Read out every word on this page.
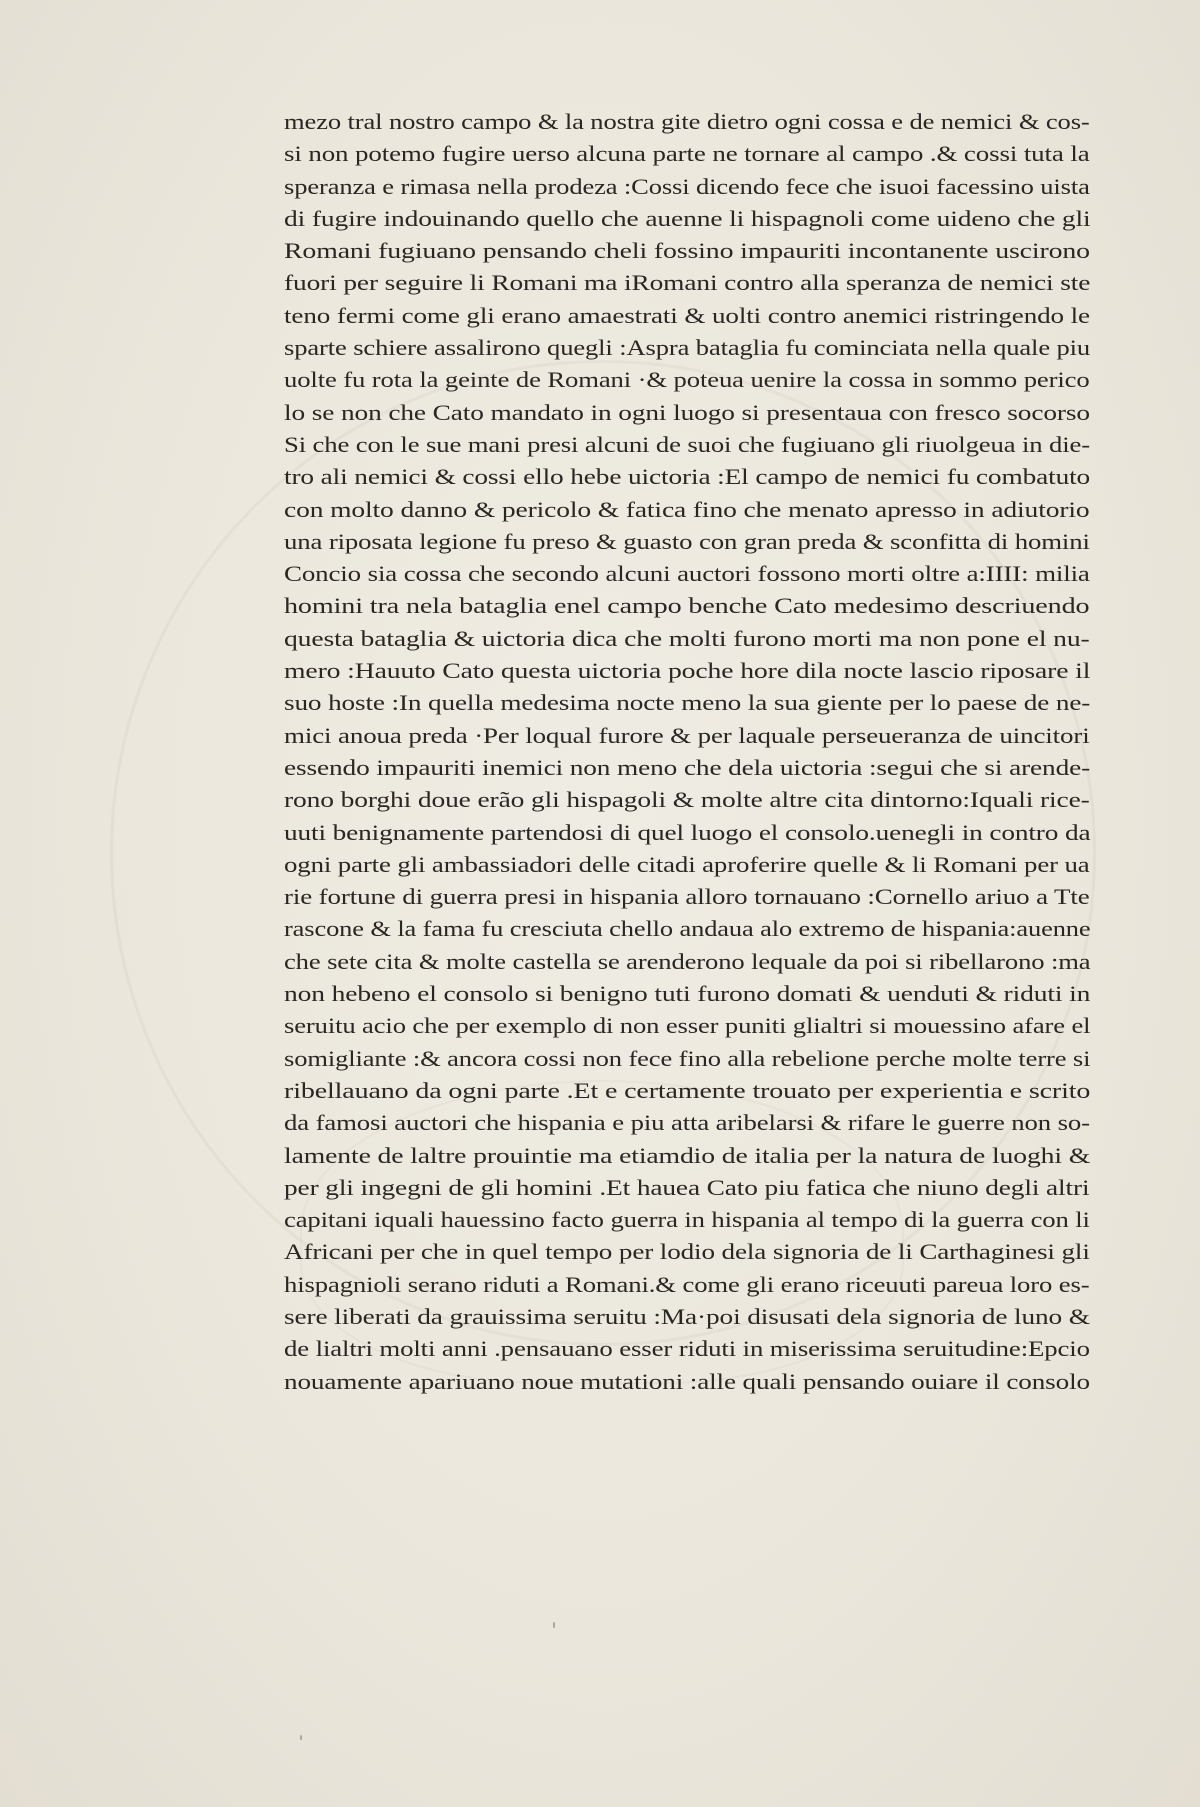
mezo tral nostro campo & la nostra gite dietro ogni cossa e de nemici & cos-
si non potemo fugire uerso alcuna parte ne tornare al campo .& cossi tuta la
speranza e rimasa nella prodeza :Cossi dicendo fece che isuoi facessino uista
di fugire indouinando quello che auenne li hispagnoli come uideno che gli
Romani fugiuano pensando cheli fossino impauriti incontanente uscirono
fuori per seguire li Romani ma iRomani contro alla speranza de nemici ste
teno fermi come gli erano amaestrati & uolti contro anemici ristringendo le
sparte schiere assalirono quegli :Aspra bataglia fu cominciata nella quale piu
uolte fu rota la geinte de Romani ·& poteua uenire la cossa in sommo perico
lo se non che Cato mandato in ogni luogo si presentaua con fresco socorso
Si che con le sue mani presi alcuni de suoi che fugiuano gli riuolgeua in die-
tro ali nemici & cossi ello hebe uictoria :El campo de nemici fu combatuto
con molto danno & pericolo & fatica fino che menato apresso in adiutorio
una riposata legione fu preso & guasto con gran preda & sconfitta di homini
Concio sia cossa che secondo alcuni auctori fossono morti oltre a:IIII: milia
homini tra nela bataglia enel campo benche Cato medesimo descriuendo
questa bataglia & uictoria dica che molti furono morti ma non pone el nu-
mero :Hauuto Cato questa uictoria poche hore dila nocte lascio riposare il
suo hoste :In quella medesima nocte meno la sua giente per lo paese de ne-
mici anoua preda ·Per loqual furore & per laquale perseueranza de uincitori
essendo impauriti inemici non meno che dela uictoria :segui che si arende-
rono borghi doue erão gli hispagoli & molte altre cita dintorno:Iquali rice-
uuti benignamente partendosi di quel luogo el consolo.uenegli in contro da
ogni parte gli ambassiadori delle citadi aproferire quelle & li Romani per ua
rie fortune di guerra presi in hispania alloro tornauano :Cornello ariuo a Tte
rascone & la fama fu cresciuta chello andaua alo extremo de hispania:auenne
che sete cita & molte castella se arenderono lequale da poi si ribellarono :ma
non hebeno el consolo si benigno tuti furono domati & uenduti & riduti in
seruitu acio che per exemplo di non esser puniti glialtri si mouessino afare el
somigliante :& ancora cossi non fece fino alla rebelione perche molte terre si
ribellauano da ogni parte .Et e certamente trouato per experientia e scrito
da famosi auctori che hispania e piu atta aribelarsi & rifare le guerre non so-
lamente de laltre prouintie ma etiamdio de italia per la natura de luoghi &
per gli ingegni de gli homini .Et hauea Cato piu fatica che niuno degli altri
capitani iquali hauessino facto guerra in hispania al tempo di la guerra con li
Africani per che in quel tempo per lodio dela signoria de li Carthaginesi gli
hispagnioli serano riduti a Romani.& come gli erano riceuuti pareua loro es-
sere liberati da grauissima seruitu :Ma·poi disusati dela signoria de luno &
de lialtri molti anni .pensauano esser riduti in miserissima seruitudine:Epcio
nouamente apariuano noue mutationi :alle quali pensando ouiare il consolo
